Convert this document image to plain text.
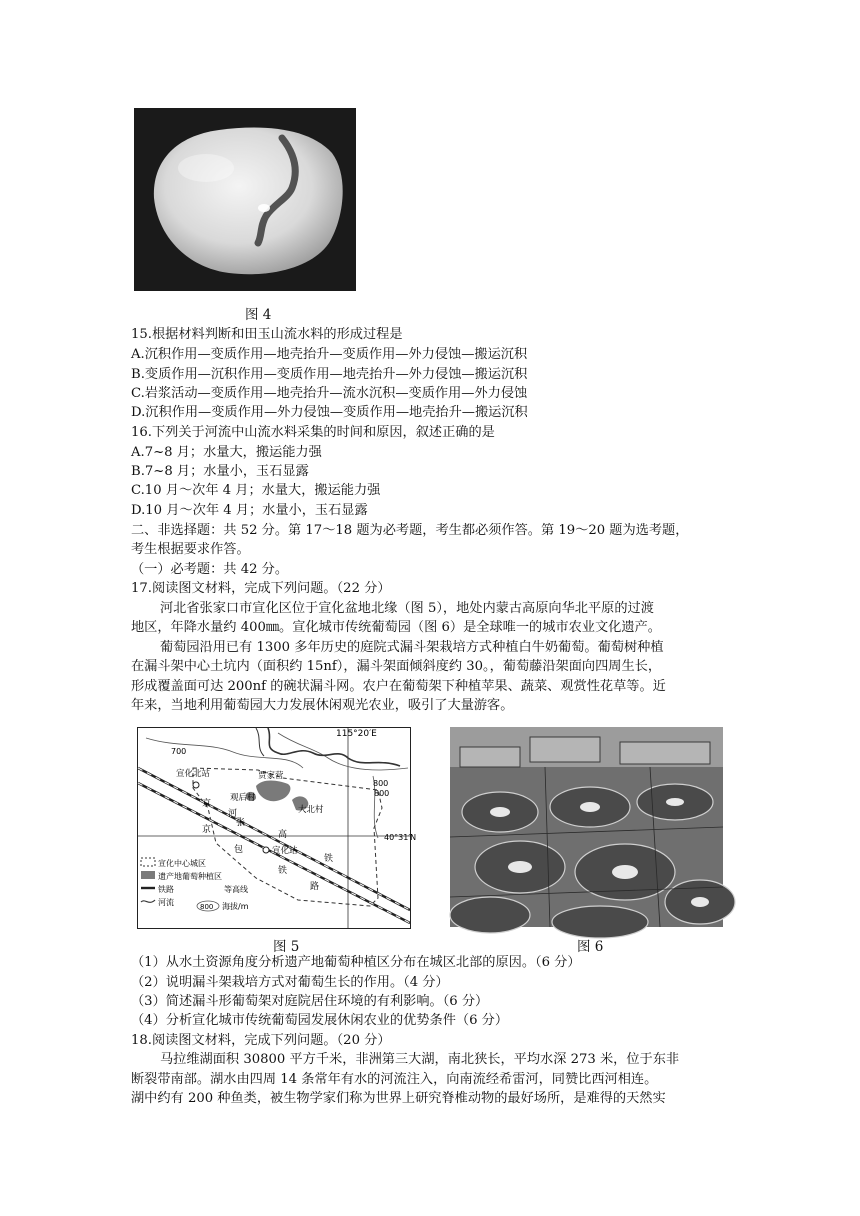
图 4
15.根据材料判断和田玉山流水料的形成过程是
A.沉积作用—变质作用—地壳抬升—变质作用—外力侵蚀—搬运沉积
B.变质作用—沉积作用—变质作用—地壳抬升—外力侵蚀—搬运沉积
C.岩浆活动—变质作用—地壳抬升—流水沉积—变质作用—外力侵蚀
D.沉积作用—变质作用—外力侵蚀—变质作用—地壳抬升—搬运沉积
16.下列关于河流中山流水料采集的时间和原因，叙述正确的是
A.7~8 月；水量大，搬运能力强
B.7~8 月；水量小，玉石显露
C.10 月～次年 4 月；水量大，搬运能力强
D.10 月～次年 4 月；水量小，玉石显露
二、非选择题：共 52 分。第 17～18 题为必考题，考生都必须作答。第 19～20 题为选考题，
考生根据要求作答。
（一）必考题：共 42 分。
17.阅读图文材料，完成下列问题。（22 分）
河北省张家口市宣化区位于宣化盆地北缘（图 5），地处内蒙古高原向华北平原的过渡
地区，年降水量约 400㎜。宣化城市传统葡萄园（图 6）是全球唯一的城市农业文化遗产。
葡萄园沿用已有 1300 多年历史的庭院式漏斗架栽培方式种植白牛奶葡萄。葡萄树种植
在漏斗架中心土坑内（面积约 15nf），漏斗架面倾斜度约 30。，葡萄藤沿架面向四周生长，
形成覆盖面可达 200nf 的碗状漏斗网。农户在葡萄架下种植苹果、蔬菜、观赏性花草等。近
年来，当地利用葡萄园大力发展休闲观光农业，吸引了大量游客。
115°20′E
40°31′N
700
800
800
宣化北站	贾家营
观后村
大北村
宣化站
京
张
高
铁
京
包
铁
路
河
宣化中心城区
遗产地葡萄种植区
铁路
河流	800
等高线
海拔/m
图 5	图 6
（1）从水土资源角度分析遗产地葡萄种植区分布在城区北部的原因。（6 分）
（2）说明漏斗架栽培方式对葡萄生长的作用。（4 分）
（3）简述漏斗形葡萄架对庭院居住环境的有利影响。（6 分）
（4）分析宣化城市传统葡萄园发展休闲农业的优势条件（6 分）
18.阅读图文材料，完成下列问题。（20 分）
马拉维湖面积 30800 平方千米，非洲第三大湖，南北狭长，平均水深 273 米，位于东非
断裂带南部。湖水由四周 14 条常年有水的河流注入，向南流经希雷河，同赞比西河相连。
湖中约有 200 种鱼类，被生物学家们称为世界上研究脊椎动物的最好场所，是难得的天然实
